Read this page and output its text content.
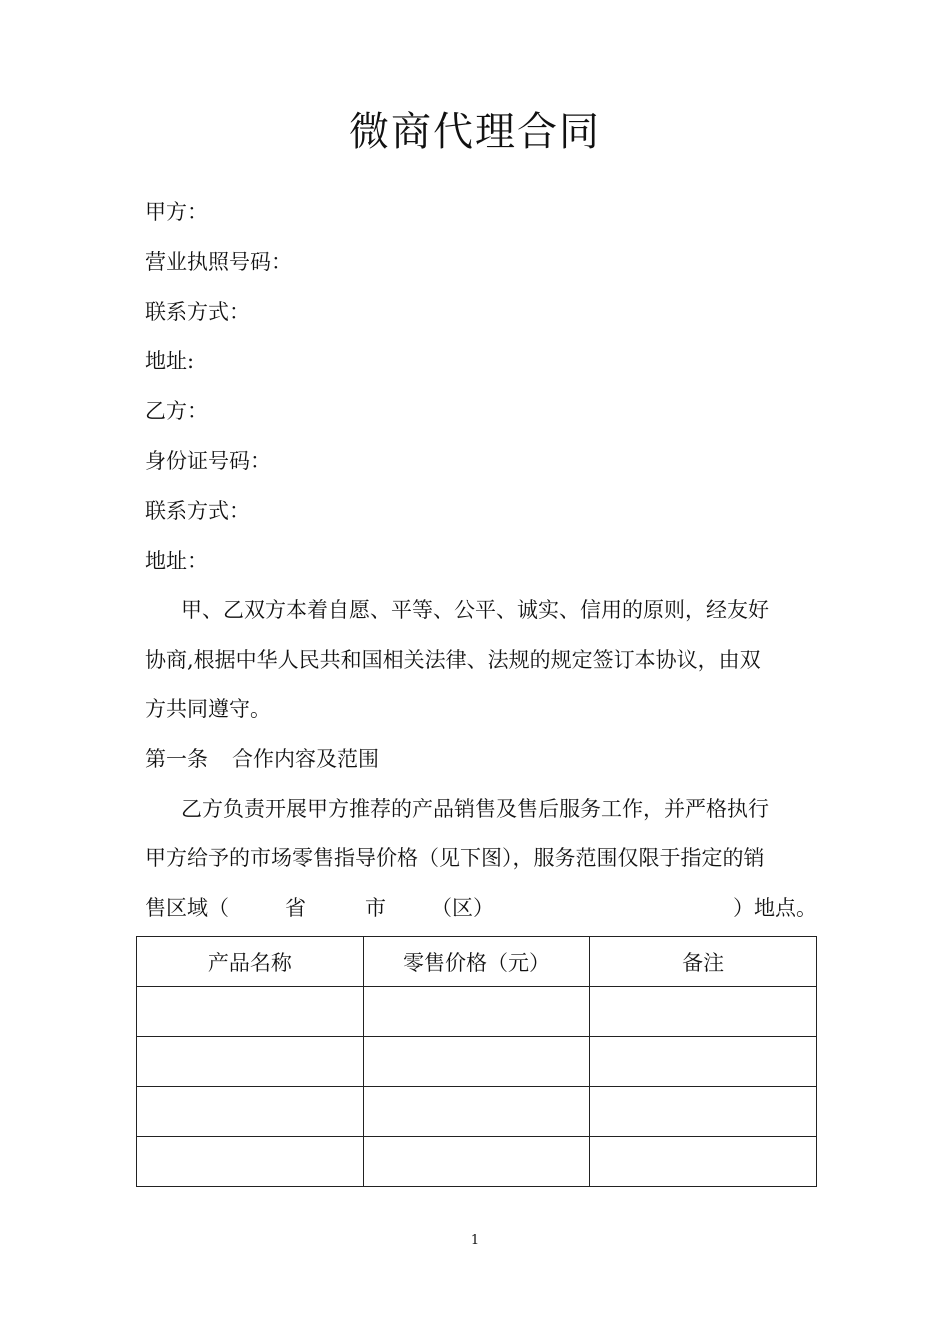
微商代理合同
甲方：
营业执照号码：
联系方式：
地址:
乙方：
身份证号码：
联系方式：
地址：
甲、乙双方本着自愿、平等、公平、诚实、信用的原则，经友好
协商,根据中华人民共和国相关法律、法规的规定签订本协议，由双
方共同遵守。
第一条 合作内容及范围
乙方负责开展甲方推荐的产品销售及售后服务工作，并严格执行
甲方给予的市场零售指导价格（见下图），服务范围仅限于指定的销
售区域（	省	市 （区）	）地点。
产品名称	零售价格（元）	备注

1
